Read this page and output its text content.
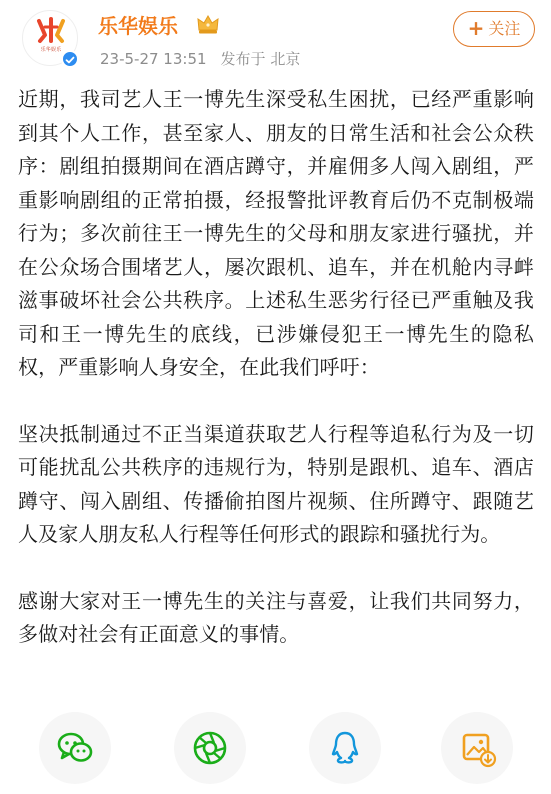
乐华娱乐
乐华娱乐
23-5-27 13:51 发布于 北京
+ 关注

近期，我司艺人王一博先生深受私生困扰，已经严重影响到其个人工作，甚至家人、朋友的日常生活和社会公众秩序：剧组拍摄期间在酒店蹲守，并雇佣多人闯入剧组，严重影响剧组的正常拍摄，经报警批评教育后仍不克制极端行为；多次前往王一博先生的父母和朋友家进行骚扰，并在公众场合围堵艺人，屡次跟机、追车，并在机舱内寻衅滋事破坏社会公共秩序。上述私生恶劣行径已严重触及我司和王一博先生的底线，已涉嫌侵犯王一博先生的隐私权，严重影响人身安全，在此我们呼吁：

坚决抵制通过不正当渠道获取艺人行程等追私行为及一切可能扰乱公共秩序的违规行为，特别是跟机、追车、酒店蹲守、闯入剧组、传播偷拍图片视频、住所蹲守、跟随艺人及家人朋友私人行程等任何形式的跟踪和骚扰行为。

感谢大家对王一博先生的关注与喜爱，让我们共同努力，多做对社会有正面意义的事情。
